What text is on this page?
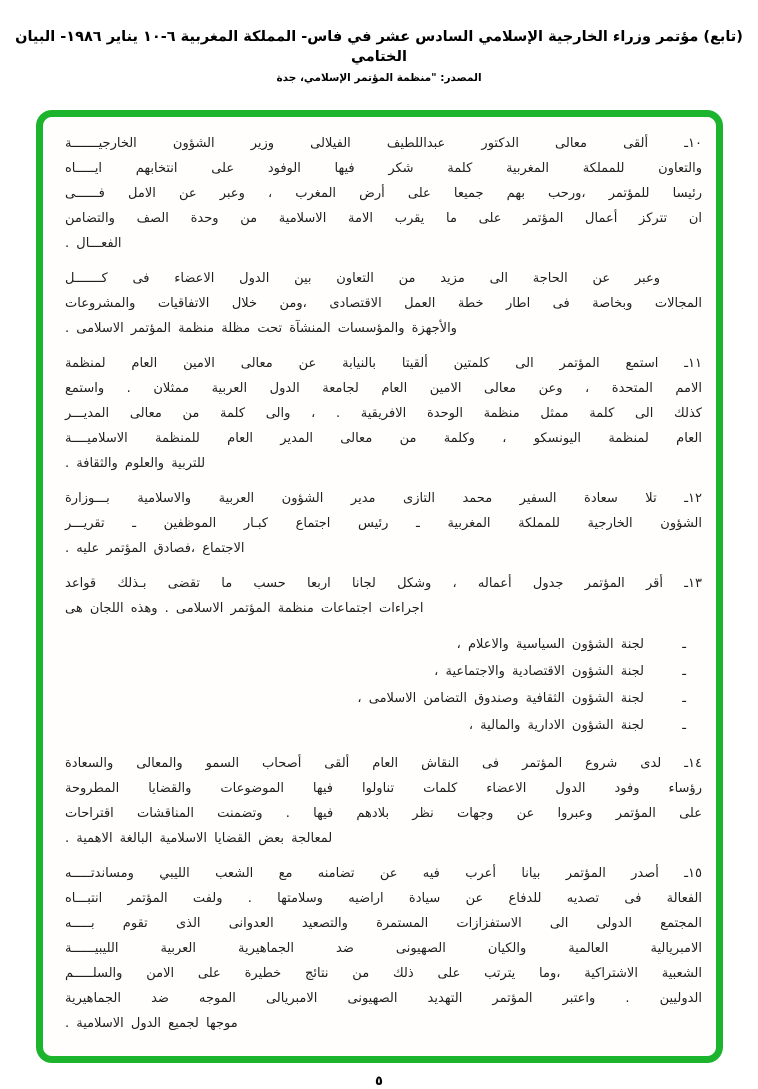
(تابع) مؤتمر وزراء الخارجية الإسلامي السادس عشر في فاس- المملكة المغربية ٦-١٠ يناير ١٩٨٦- البيان الختامي
المصدر: "منظمة المؤتمر الإسلامي، جدة
١٠ـ ألقى معالى الدكتور عبداللطيف الفيلالى وزير الشؤون الخارجيـــــــة
والتعاون للمملكة المغربية كلمة شكر فيها الوفود على انتخابهم ايـــــاه
رئيسا للمؤتمر ،ورحب بهم جميعا على أرض المغرب ، وعبر عن الامل فــــــى
ان تتركز أعمال المؤتمر على ما يقرب الامة الاسلامية من وحدة الصف والتضامن
الفعـــال .
وعبر عن الحاجة الى مزيد من التعاون بين الدول الاعضاء فى كـــــــل
المجالات وبخاصة فى اطار خطة العمل الاقتصادى ،ومن خلال الاتفاقيات والمشروعات
والأجهزة والمؤسسات المنشآة تحت مظلة منظمة المؤتمر الاسلامى .
١١ـ استمع المؤتمر الى كلمتين ألقيتا بالنيابة عن معالى الامين العام لمنظمة
الامم المتحدة ، وعن معالى الامين العام لجامعة الدول العربية ممثلان . واستمع
كذلك الى كلمة ممثل منظمة الوحدة الافريقية . ، والى كلمة من معالى المديـــر
العام لمنظمة اليونسكو ، وكلمة من معالى المدير العام للمنظمة الاسلاميــــة
للتربية والعلوم والثقافة .
١٢ـ تلا سعادة السفير محمد التازى مدير الشؤون العربية والاسلامية بـــوزارة
الشؤون الخارجية للمملكة المغربية ـ رئيس اجتماع كبـار الموظفين ـ تقريـــر
الاجتماع ،فصادق المؤتمر عليه .
١٣ـ أقر المؤتمر جدول أعماله ، وشكل لجانا اربعا حسب ما تقضى بـذلك قواعد
اجراءات اجتماعات منظمة المؤتمر الاسلامى . وهذه اللجان هى
ـ
لجنة الشؤون السياسية والاعلام ،
ـ
لجنة الشؤون الاقتصادية والاجتماعية ،
ـ
لجنة الشؤون الثقافية وصندوق التضامن الاسلامى ،
ـ
لجنة الشؤون الادارية والمالية ،
١٤ـ لدى شروع المؤتمر فى النقاش العام ألقى أصحاب السمو والمعالى والسعادة
رؤساء وفود الدول الاعضاء كلمات تناولوا فيها الموضوعات والقضايا المطروحة
على المؤتمر وعبروا عن وجهات نظر بلادهم فيها . وتضمنت المناقشات اقتراحات
لمعالجة بعض القضايا الاسلامية البالغة الاهمية .
١٥ـ أصدر المؤتمر بيانا أعرب فيه عن تضامنه مع الشعب الليبي ومساندتـــــه
الفعالة فى تصديه للدفاع عن سيادة اراضيه وسلامتها . ولفت المؤتمر انتبـــاه
المجتمع الدولى الى الاستفزازات المستمرة والتصعيد العدوانى الذى تقوم بـــــه
الامبريالية العالمية والكيان الصهيونى ضد الجماهيرية العربية الليبيــــــة
الشعبية الاشتراكية ،وما يترتب على ذلك من نتائج خطيرة على الامن والسلـــــم
الدوليين . واعتبر المؤتمر التهديد الصهيونى الامبريالى الموجه ضد الجماهيرية
موجها لجميع الدول الاسلامية .
٥
